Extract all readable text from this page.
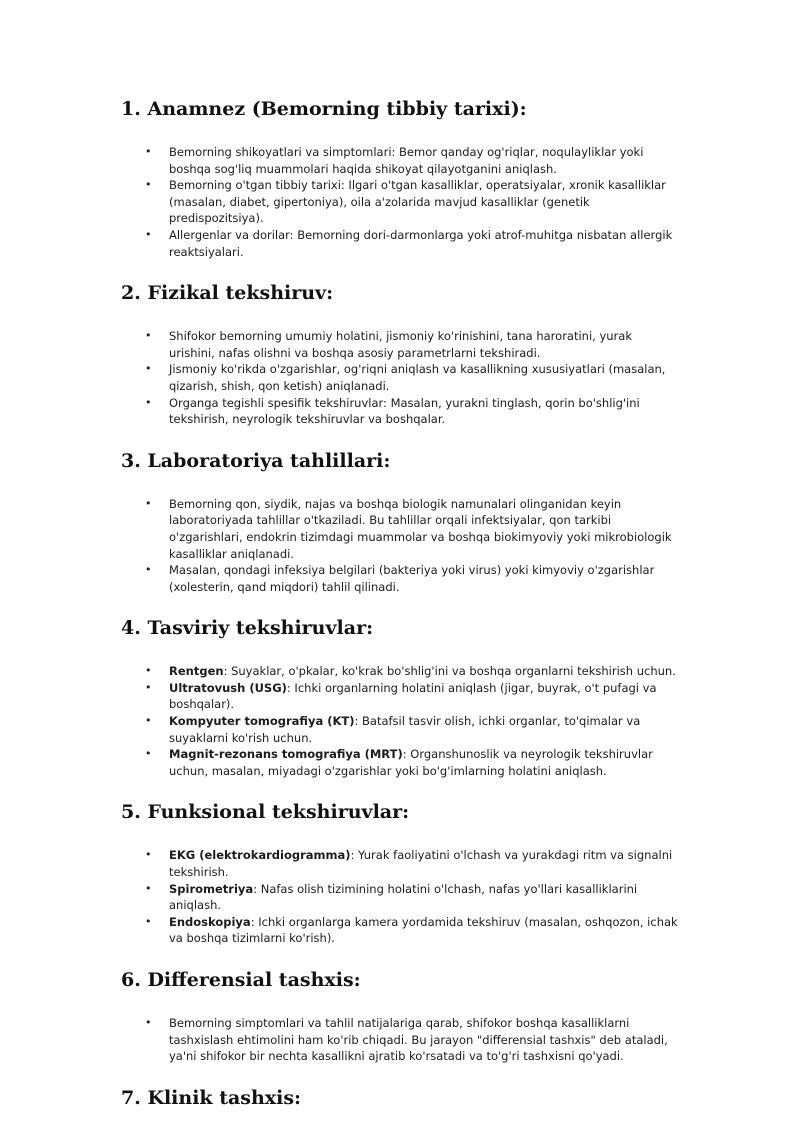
1. Anamnez (Bemorning tibbiy tarixi):
• Bemorning shikoyatlari va simptomlari: Bemor qanday og'riqlar, noqulayliklar yoki boshqa sog'liq muammolari haqida shikoyat qilayotganini aniqlash.
• Bemorning o'tgan tibbiy tarixi: Ilgari o'tgan kasalliklar, operatsiyalar, xronik kasalliklar (masalan, diabet, gipertoniya), oila a'zolarida mavjud kasalliklar (genetik predispozitsiya).
• Allergenlar va dorilar: Bemorning dori-darmonlarga yoki atrof-muhitga nisbatan allergik reaktsiyalari.
2. Fizikal tekshiruv:
• Shifokor bemorning umumiy holatini, jismoniy ko'rinishini, tana haroratini, yurak urishini, nafas olishni va boshqa asosiy parametrlarni tekshiradi.
• Jismoniy ko'rikda o'zgarishlar, og'riqni aniqlash va kasallikning xususiyatlari (masalan, qizarish, shish, qon ketish) aniqlanadi.
• Organga tegishli spesifik tekshiruvlar: Masalan, yurakni tinglash, qorin bo'shlig'ini tekshirish, neyrologik tekshiruvlar va boshqalar.
3. Laboratoriya tahlillari:
• Bemorning qon, siydik, najas va boshqa biologik namunalari olinganidan keyin laboratoriyada tahlillar o'tkaziladi. Bu tahlillar orqali infektsiyalar, qon tarkibi o'zgarishlari, endokrin tizimdagi muammolar va boshqa biokimyoviy yoki mikrobiologik kasalliklar aniqlanadi.
• Masalan, qondagi infeksiya belgilari (bakteriya yoki virus) yoki kimyoviy o'zgarishlar (xolesterin, qand miqdori) tahlil qilinadi.
4. Tasviriy tekshiruvlar:
• Rentgen: Suyaklar, o'pkalar, ko'krak bo'shlig'ini va boshqa organlarni tekshirish uchun.
• Ultratovush (USG): Ichki organlarning holatini aniqlash (jigar, buyrak, o't pufagi va boshqalar).
• Kompyuter tomografiya (KT): Batafsil tasvir olish, ichki organlar, to'qimalar va suyaklarni ko'rish uchun.
• Magnit-rezonans tomografiya (MRT): Organshunoslik va neyrologik tekshiruvlar uchun, masalan, miyadagi o'zgarishlar yoki bo'g'imlarning holatini aniqlash.
5. Funksional tekshiruvlar:
• EKG (elektrokardiogramma): Yurak faoliyatini o'lchash va yurakdagi ritm va signalni tekshirish.
• Spirometriya: Nafas olish tizimining holatini o'lchash, nafas yo'llari kasalliklarini aniqlash.
• Endoskopiya: Ichki organlarga kamera yordamida tekshiruv (masalan, oshqozon, ichak va boshqa tizimlarni ko'rish).
6. Differensial tashxis:
• Bemorning simptomlari va tahlil natijalariga qarab, shifokor boshqa kasalliklarni tashxislash ehtimolini ham ko'rib chiqadi. Bu jarayon "differensial tashxis" deb ataladi, ya'ni shifokor bir nechta kasallikni ajratib ko'rsatadi va to'g'ri tashxisni qo'yadi.
7. Klinik tashxis:
